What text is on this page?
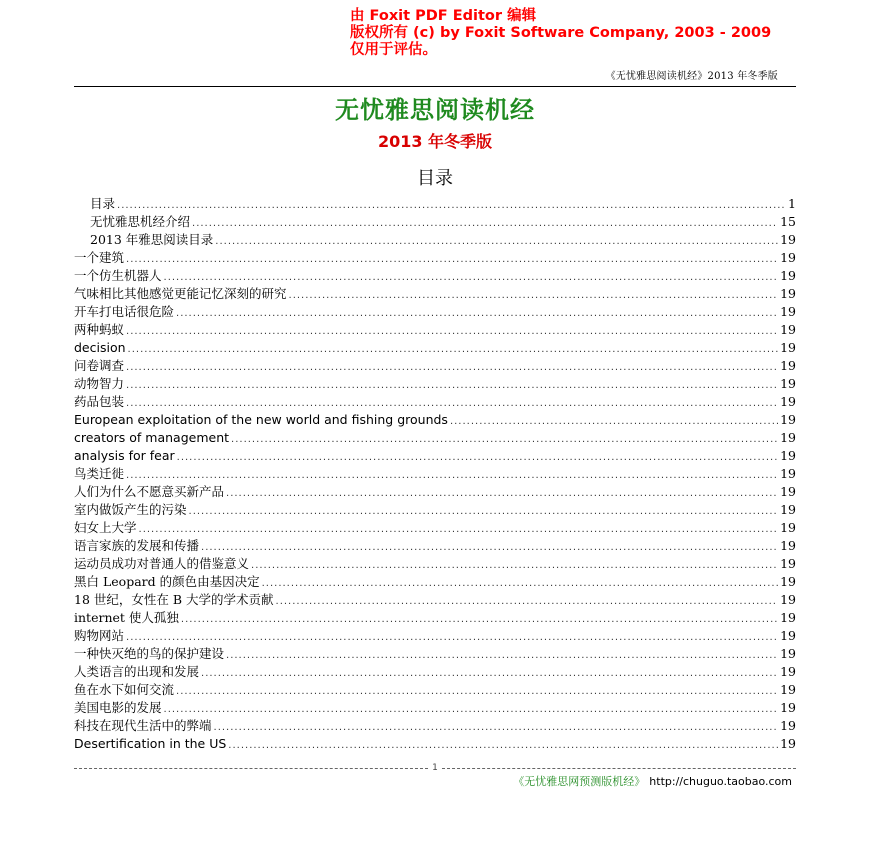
由 Foxit PDF Editor 编辑
版权所有 (c) by Foxit Software Company, 2003 - 2009
仅用于评估。
《无忧雅思阅读机经》2013 年冬季版
无忧雅思阅读机经
2013 年冬季版
目录
目录 .....	1
无忧雅思机经介绍 .....	15
2013 年雅思阅读目录 .....	19
一个建筑 .....	19
一个仿生机器人 .....	19
气味相比其他感觉更能记忆深刻的研究 .....	19
开车打电话很危险 .....	19
两种蚂蚁 .....	19
decision .....	19
问卷调查 .....	19
动物智力 .....	19
药品包装 .....	19
European exploitation of the new world and fishing grounds .....	19
creators of management .....	19
analysis for fear .....	19
鸟类迁徙 .....	19
人们为什么不愿意买新产品 .....	19
室内做饭产生的污染 .....	19
妇女上大学 .....	19
语言家族的发展和传播 .....	19
运动员成功对普通人的借鉴意义 .....	19
黑白 Leopard 的颜色由基因决定 .....	19
18 世纪，女性在 B 大学的学术贡献 .....	19
internet 使人孤独 .....	19
购物网站 .....	19
一种快灭绝的鸟的保护建设 .....	19
人类语言的出现和发展 .....	19
鱼在水下如何交流 .....	19
美国电影的发展 .....	19
科技在现代生活中的弊端 .....	19
Desertification in the US .....	19
1
《无忧雅思网预测版机经》 http://chuguo.taobao.com
